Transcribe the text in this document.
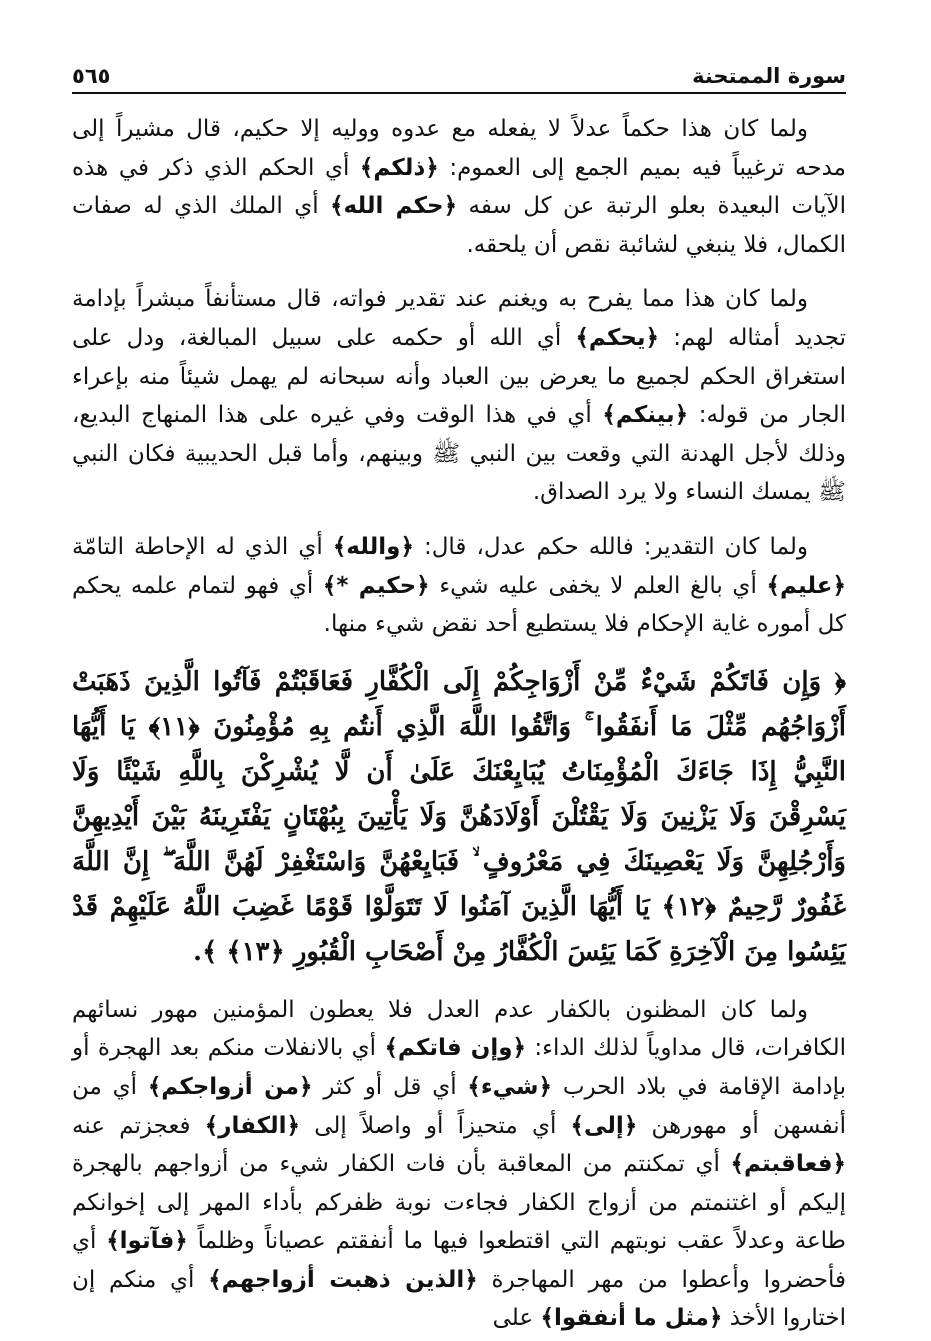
سورة الممتحنة
٥٦٥

ولما كان هذا حكماً عدلاً لا يفعله مع عدوه ووليه إلا حكيم، قال مشيراً إلى مدحه ترغيباً فيه بميم الجمع إلى العموم: ﴿ذلكم﴾ أي الحكم الذي ذكر في هذه الآيات البعيدة بعلو الرتبة عن كل سفه ﴿حكم الله﴾ أي الملك الذي له صفات الكمال، فلا ينبغي لشائبة نقص أن يلحقه.

ولما كان هذا مما يفرح به ويغنم عند تقدير فواته، قال مستأنفاً مبشراً بإدامة تجديد أمثاله لهم: ﴿يحكم﴾ أي الله أو حكمه على سبيل المبالغة، ودل على استغراق الحكم لجميع ما يعرض بين العباد وأنه سبحانه لم يهمل شيئاً منه بإعراء الجار من قوله: ﴿بينكم﴾ أي في هذا الوقت وفي غيره على هذا المنهاج البديع، وذلك لأجل الهدنة التي وقعت بين النبي ﷺ وبينهم، وأما قبل الحديبية فكان النبي ﷺ يمسك النساء ولا يرد الصداق.

ولما كان التقدير: فالله حكم عدل، قال: ﴿والله﴾ أي الذي له الإحاطة التامّة ﴿عليم﴾ أي بالغ العلم لا يخفى عليه شيء ﴿حكيم *﴾ أي فهو لتمام علمه يحكم كل أموره غاية الإحكام فلا يستطيع أحد نقض شيء منها.

﴿ وَإِن فَاتَكُمْ شَيْءٌ مِّنْ أَزْوَاجِكُمْ إِلَى الْكُفَّارِ فَعَاقَبْتُمْ فَآتُوا الَّذِينَ ذَهَبَتْ أَزْوَاجُهُم مِّثْلَ مَا أَنفَقُوا ۚ وَاتَّقُوا اللَّهَ الَّذِي أَنتُم بِهِ مُؤْمِنُونَ ﴿١١﴾ يَا أَيُّهَا النَّبِيُّ إِذَا جَاءَكَ الْمُؤْمِنَاتُ يُبَايِعْنَكَ عَلَىٰ أَن لَّا يُشْرِكْنَ بِاللَّهِ شَيْئًا وَلَا يَسْرِقْنَ وَلَا يَزْنِينَ وَلَا يَقْتُلْنَ أَوْلَادَهُنَّ وَلَا يَأْتِينَ بِبُهْتَانٍ يَفْتَرِينَهُ بَيْنَ أَيْدِيهِنَّ وَأَرْجُلِهِنَّ وَلَا يَعْصِينَكَ فِي مَعْرُوفٍ ۙ فَبَايِعْهُنَّ وَاسْتَغْفِرْ لَهُنَّ اللَّهَ ۖ إِنَّ اللَّهَ غَفُورٌ رَّحِيمٌ ﴿١٢﴾ يَا أَيُّهَا الَّذِينَ آمَنُوا لَا تَتَوَلَّوْا قَوْمًا غَضِبَ اللَّهُ عَلَيْهِمْ قَدْ يَئِسُوا مِنَ الْآخِرَةِ كَمَا يَئِسَ الْكُفَّارُ مِنْ أَصْحَابِ الْقُبُورِ ﴿١٣﴾ ﴾.

ولما كان المظنون بالكفار عدم العدل فلا يعطون المؤمنين مهور نسائهم الكافرات، قال مداوياً لذلك الداء: ﴿وإن فاتكم﴾ أي بالانفلات منكم بعد الهجرة أو بإدامة الإقامة في بلاد الحرب ﴿شيء﴾ أي قل أو كثر ﴿من أزواجكم﴾ أي من أنفسهن أو مهورهن ﴿إلى﴾ أي متحيزاً أو واصلاً إلى ﴿الكفار﴾ فعجزتم عنه ﴿فعاقبتم﴾ أي تمكنتم من المعاقبة بأن فات الكفار شيء من أزواجهم بالهجرة إليكم أو اغتنمتم من أزواج الكفار فجاءت نوبة ظفركم بأداء المهر إلى إخوانكم طاعة وعدلاً عقب نوبتهم التي اقتطعوا فيها ما أنفقتم عصياناً وظلماً ﴿فآتوا﴾ أي فأحضروا وأعطوا من مهر المهاجرة ﴿الذين ذهبت أزواجهم﴾ أي منكم إن اختاروا الأخذ ﴿مثل ما أنفقوا﴾ على
